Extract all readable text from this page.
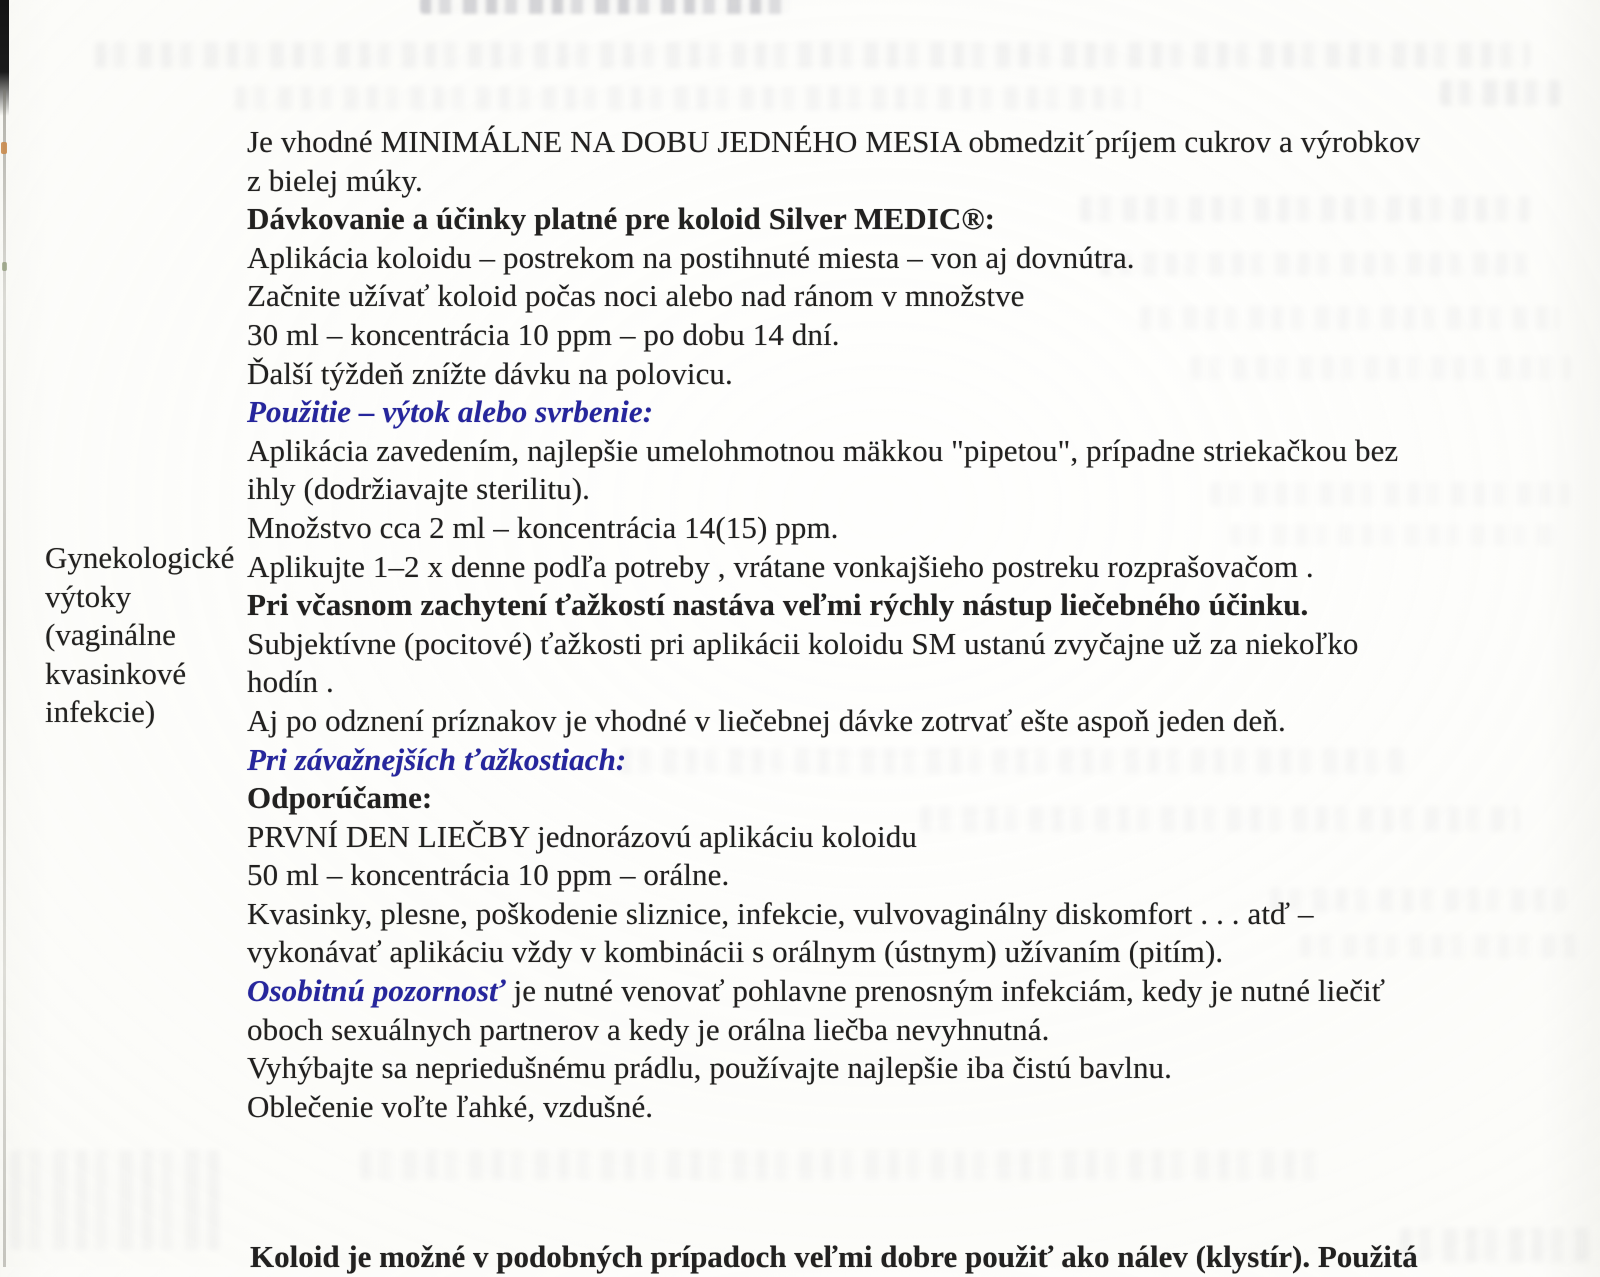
Gynekologické
výtoky
(vaginálne
kvasinkové
infekcie)
Je vhodné MINIMÁLNE NA DOBU JEDNÉHO MESIA obmedzit´príjem cukrov a výrobkov
z bielej múky.
Dávkovanie a účinky platné pre koloid Silver MEDIC®:
Aplikácia koloidu – postrekom na postihnuté miesta – von aj dovnútra.
Začnite užívať koloid počas noci alebo nad ránom v množstve
30 ml – koncentrácia 10 ppm – po dobu 14 dní.
Ďalší týždeň znížte dávku na polovicu.
Použitie – výtok alebo svrbenie:
Aplikácia zavedením, najlepšie umelohmotnou mäkkou "pipetou", prípadne striekačkou bez
ihly (dodržiavajte sterilitu).
Množstvo cca 2 ml – koncentrácia 14(15) ppm.
Aplikujte 1–2 x denne podľa potreby , vrátane vonkajšieho postreku rozprašovačom .
Pri včasnom zachytení ťažkostí nastáva veľmi rýchly nástup liečebného účinku.
Subjektívne (pocitové) ťažkosti pri aplikácii koloidu SM ustanú zvyčajne už za niekoľko
hodín .
Aj po odznení príznakov je vhodné v liečebnej dávke zotrvať ešte aspoň jeden deň.
Pri závažnejších ťažkostiach:
Odporúčame:
PRVNÍ DEN LIEČBY jednorázovú aplikáciu koloidu
50 ml – koncentrácia 10 ppm – orálne.
Kvasinky, plesne, poškodenie sliznice, infekcie, vulvovaginálny diskomfort . . . atď –
vykonávať aplikáciu vždy v kombinácii s orálnym (ústnym) užívaním (pitím).
Osobitnú pozornosť je nutné venovať pohlavne prenosným infekciám, kedy je nutné liečiť
oboch sexuálnych partnerov a kedy je orálna liečba nevyhnutná.
Vyhýbajte sa nepriedušnému prádlu, používajte najlepšie iba čistú bavlnu.
Oblečenie voľte ľahké, vzdušné.
Koloid je možné v podobných prípadoch veľmi dobre použiť ako nálev (klystír). Použitá
